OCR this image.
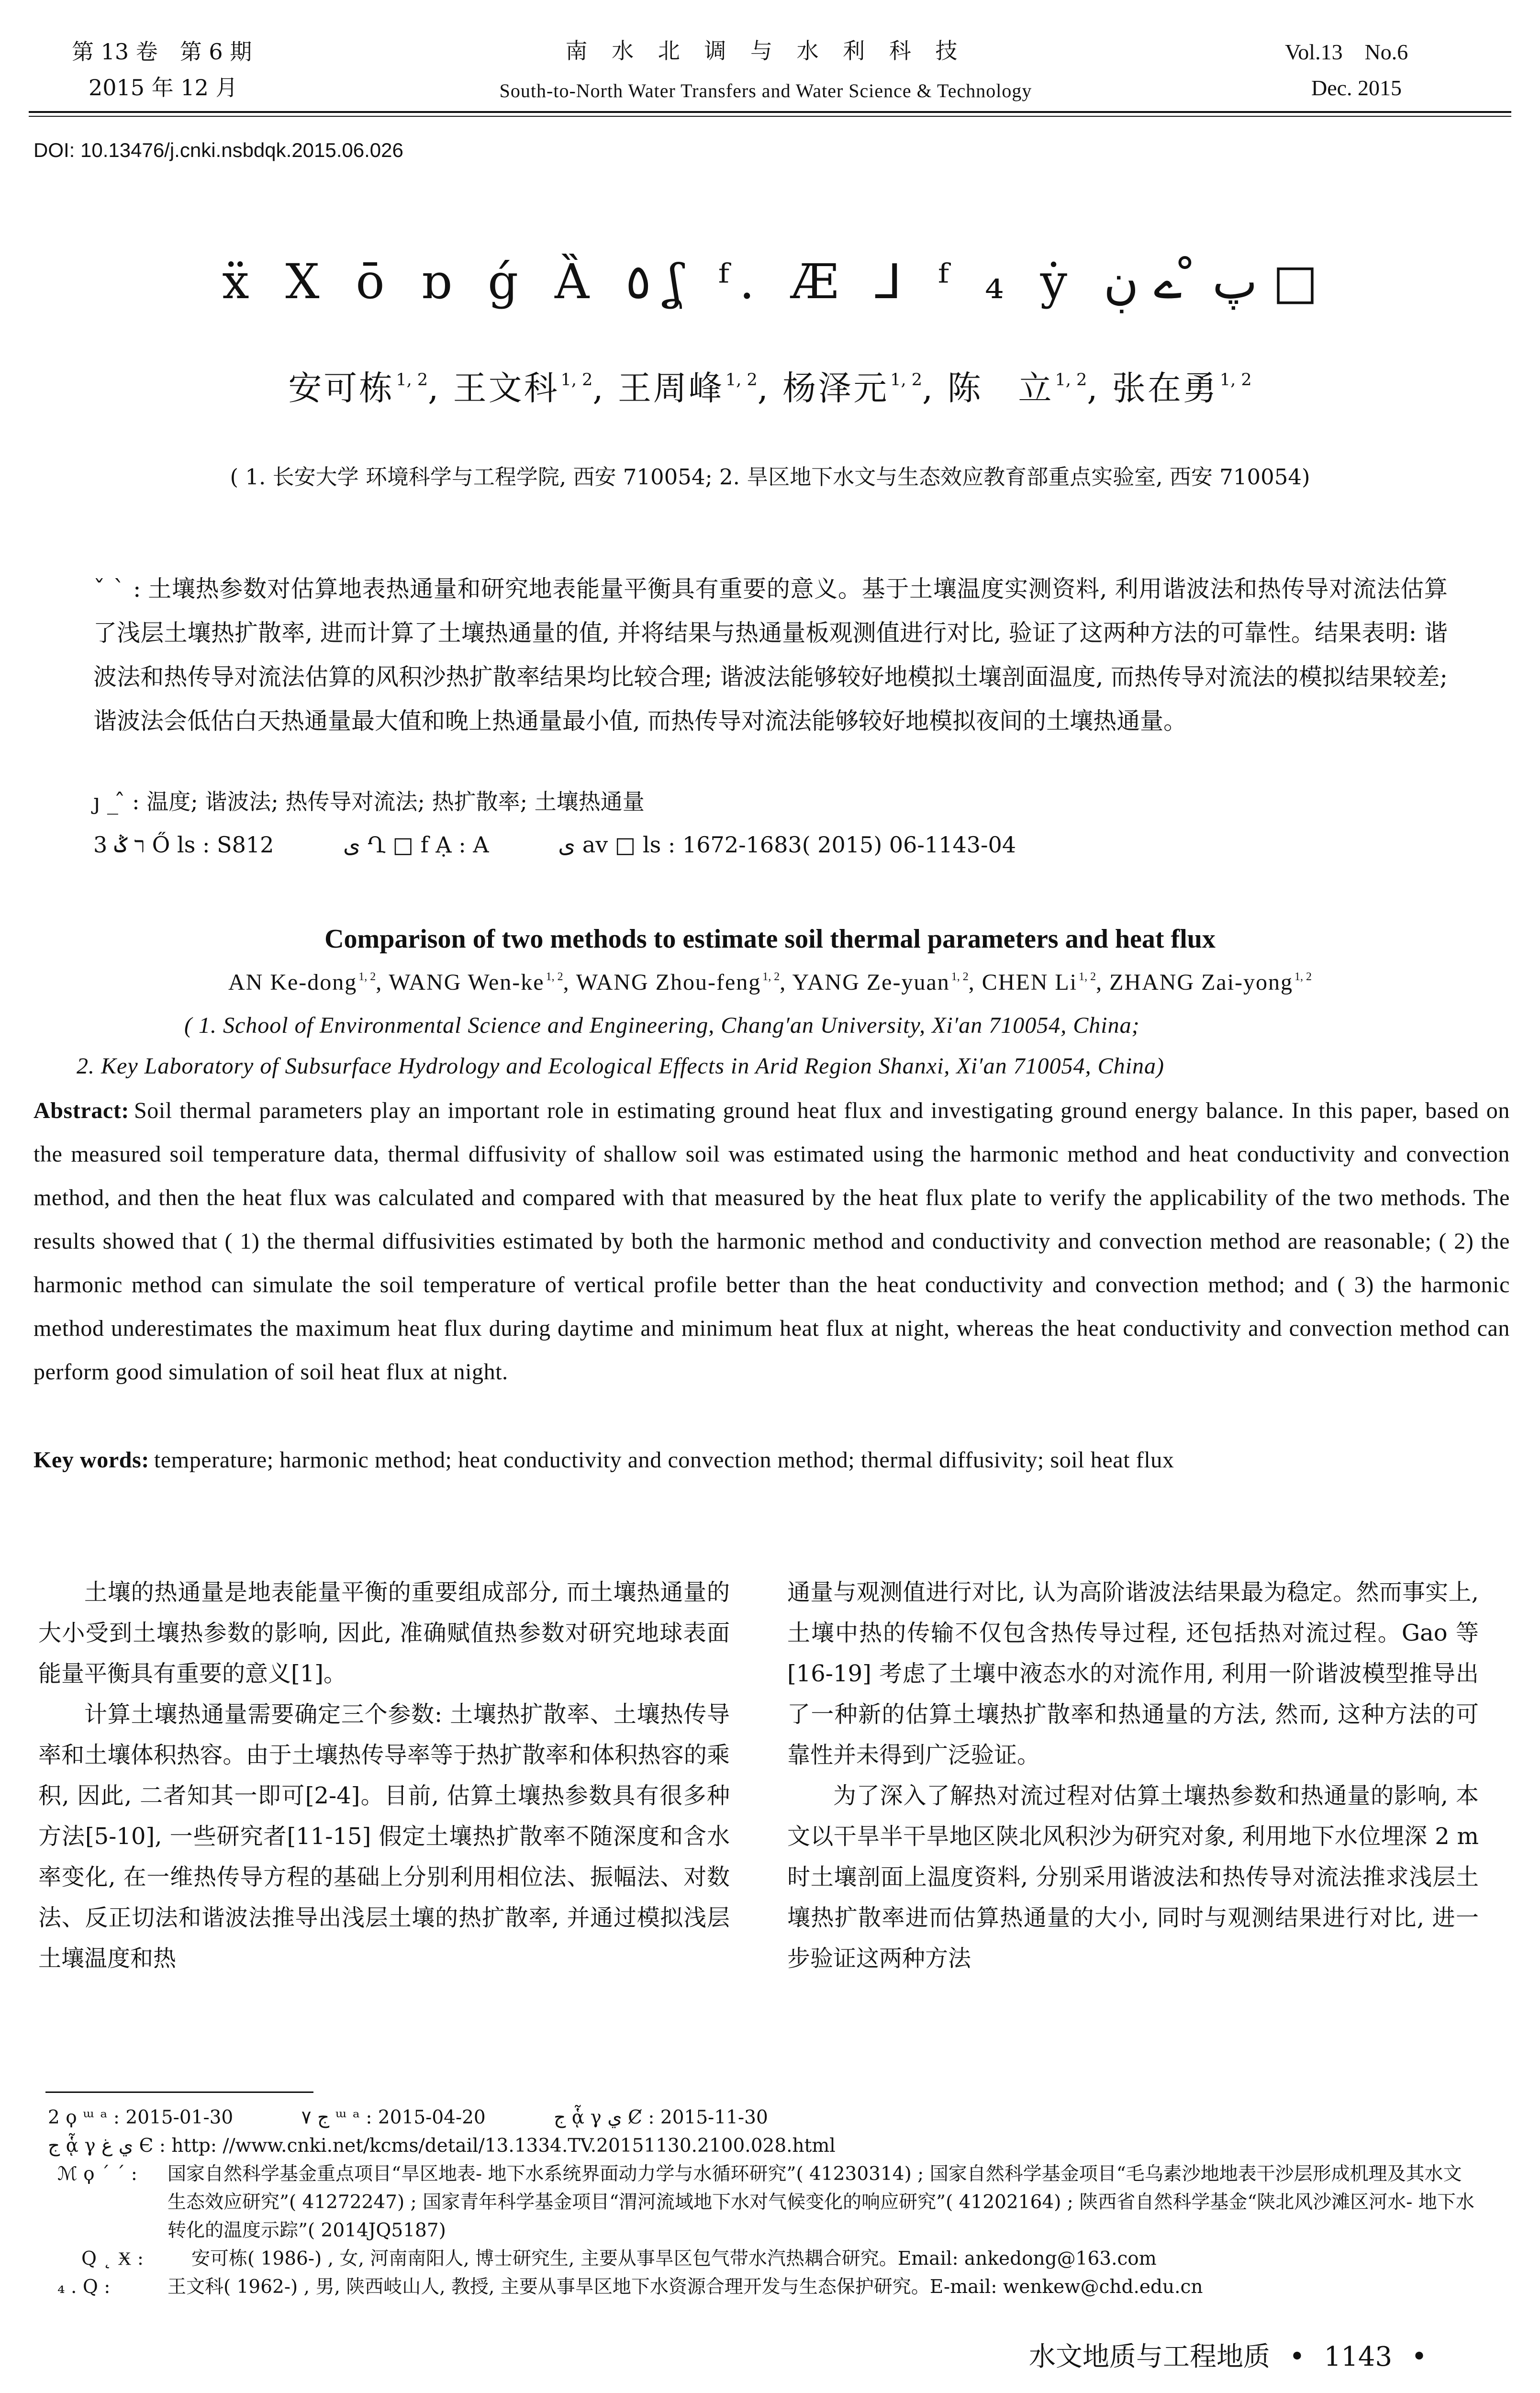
第 13 卷　第 6 期
2015 年 12 月
南 水 北 调 与 水 利 科 技
South-to-North Water Transfers and Water Science & Technology
Vol.13　No.6
Dec. 2015
DOI: 10.13476/j.cnki.nsbdqk.2015.06.026
ẍ Χ ō ɒ ǵ Ȁ ٥ ʆ ᶠ. Æ ⅃ ᶠ ₄ ẏ پ ̊ ے ڹ □
安可栋$^{1, 2}$, 王文科$^{1, 2}$, 王周峰$^{1, 2}$, 杨泽元$^{1, 2}$, 陈　立$^{1, 2}$, 张在勇$^{1, 2}$
( 1. 长安大学 环境科学与工程学院, 西安 710054; 2. 旱区地下水文与生态效应教育部重点实验室, 西安 710054)
ˇ ˋ : 土壤热参数对估算地表热通量和研究地表能量平衡具有重要的意义。基于土壤温度实测资料, 利用谐波法和热传导对流法估算了浅层土壤热扩散率, 进而计算了土壤热通量的值, 并将结果与热通量板观测值进行对比, 验证了这两种方法的可靠性。结果表明: 谐波法和热传导对流法估算的风积沙热扩散率结果均比较合理; 谐波法能够较好地模拟土壤剖面温度, 而热传导对流法的模拟结果较差; 谐波法会低估白天热通量最大值和晚上热通量最小值, 而热传导对流法能够较好地模拟夜间的土壤热通量。
ȷ _ ̂ : 温度; 谐波法; 热传导对流法; 热扩散率; 土壤热通量
3 ר ݣ Ő ls : S812	ى Ղ □ f Ạ : A	ى av □ ls : 1672-1683( 2015) 06-1143-04
Comparison of two methods to estimate soil thermal parameters and heat flux
AN Ke-dong $^{1, 2}$, WANG Wen-ke $^{1, 2}$, WANG Zhou-feng $^{1, 2}$, YANG Ze-yuan $^{1, 2}$, CHEN Li $^{1, 2}$, ZHANG Zai-yong $^{1, 2}$
( 1. School of Environmental Science and Engineering, Chang′an University, Xi′an 710054, China;
2. Key Laboratory of Subsurface Hydrology and Ecological Effects in Arid Region Shanxi, Xi′an 710054, China)
Abstract: Soil thermal parameters play an important role in estimating ground heat flux and investigating ground energy balance. In this paper, based on the measured soil temperature data, thermal diffusivity of shallow soil was estimated using the harmonic method and heat conductivity and convection method, and then the heat flux was calculated and compared with that measured by the heat flux plate to verify the applicability of the two methods. The results showed that ( 1) the thermal diffusivities estimated by both the harmonic method and conductivity and convection method are reasonable; ( 2) the harmonic method can simulate the soil temperature of vertical profile better than the heat conductivity and convection method; and ( 3) the harmonic method underestimates the maximum heat flux during daytime and minimum heat flux at night, whereas the heat conductivity and convection method can perform good simulation of soil heat flux at night.
Key words: temperature; harmonic method; heat conductivity and convection method; thermal diffusivity; soil heat flux

土壤的热通量是地表能量平衡的重要组成部分, 而土壤热通量的大小受到土壤热参数的影响, 因此, 准确赋值热参数对研究地球表面能量平衡具有重要的意义[1]。

计算土壤热通量需要确定三个参数: 土壤热扩散率、土壤热传导率和土壤体积热容。由于土壤热传导率等于热扩散率和体积热容的乘积, 因此, 二者知其一即可[2-4]。目前, 估算土壤热参数具有很多种方法[5-10], 一些研究者[11-15] 假定土壤热扩散率不随深度和含水率变化, 在一维热传导方程的基础上分别利用相位法、振幅法、对数法、反正切法和谐波法推导出浅层土壤的热扩散率, 并通过模拟浅层土壤温度和热

通量与观测值进行对比, 认为高阶谐波法结果最为稳定。然而事实上, 土壤中热的传输不仅包含热传导过程, 还包括热对流过程。Gao 等[16-19] 考虑了土壤中液态水的对流作用, 利用一阶谐波模型推导出了一种新的估算土壤热扩散率和热通量的方法, 然而, 这种方法的可靠性并未得到广泛验证。

为了深入了解热对流过程对估算土壤热参数和热通量的影响, 本文以干旱半干旱地区陕北风积沙为研究对象, 利用地下水位埋深 2 m 时土壤剖面上温度资料, 分别采用谐波法和热传导对流法推求浅层土壤热扩散率进而估算热通量的大小, 同时与观测结果进行对比, 进一步验证这两种方法

2 ϙ ᵚ ᵃ : 2015-01-30	ﺝ ٧ ᵚ ᵃ : 2015-04-20	ج ᾇ γ ي Ȼ : 2015-11-30
ج ᾇ γ ي ﻍ Є : http: //www.cnki.net/kcms/detail/13.1334.TV.20151130.2100.028.html
ℳ ϙ ˊ ˊ :	国家自然科学基金重点项目“旱区地表- 地下水系统界面动力学与水循环研究”( 41230314) ; 国家自然科学基金项目“毛乌素沙地地表干沙层形成机理及其水文生态效应研究”( 41272247) ; 国家青年科学基金项目“渭河流域地下水对气候变化的响应研究”( 41202164) ; 陕西省自然科学基金“陕北风沙滩区河水- 地下水转化的温度示踪”( 2014JQ5187)
Q ˛ Ӿ :	安可栋( 1986-) , 女, 河南南阳人, 博士研究生, 主要从事旱区包气带水汽热耦合研究。Email: ankedong@163.com
₄ . Q :	王文科( 1962-) , 男, 陕西岐山人, 教授, 主要从事旱区地下水资源合理开发与生态保护研究。E-mail: wenkew@chd.edu.cn
水文地质与工程地质 • 1143 •
